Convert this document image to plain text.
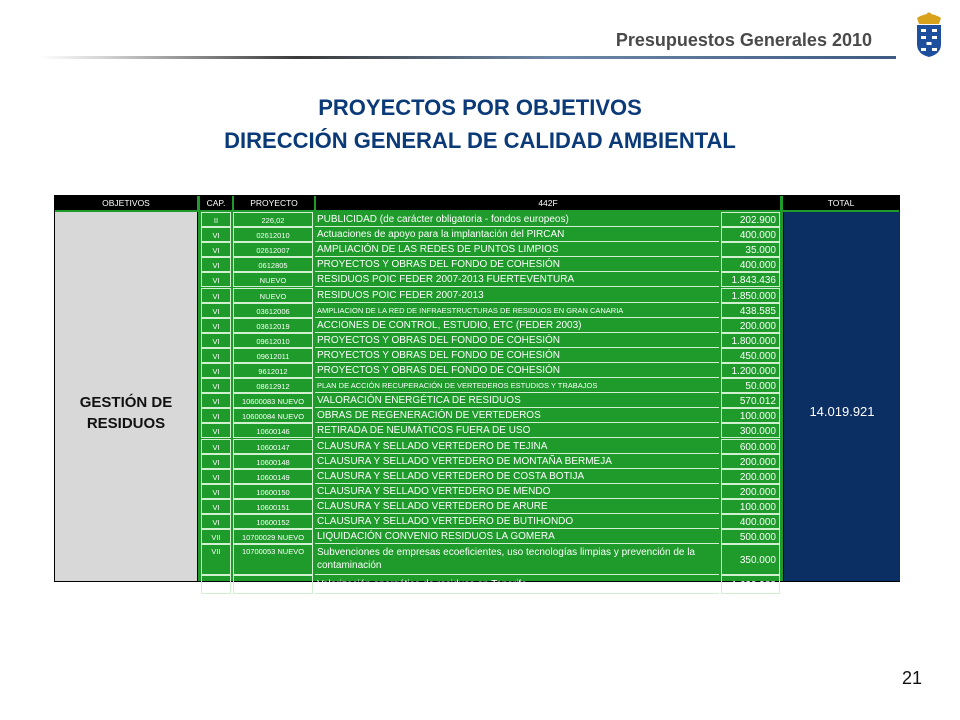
Presupuestos Generales 2010
PROYECTOS POR OBJETIVOS
DIRECCIÓN GENERAL DE CALIDAD AMBIENTAL
OBJETIVOS	CAP.	PROYECTO	442F	TOTAL
GESTIÓN DE
RESIDUOS
14.019.921
II	226,02	PUBLICIDAD (de carácter obligatoria - fondos europeos)	202.900
VI	02612010	Actuaciones de apoyo para la implantación del PIRCAN	400.000
VI	02612007	AMPLIACIÓN DE LAS REDES DE PUNTOS LIMPIOS	35.000
VI	0612805	PROYECTOS Y OBRAS DEL FONDO DE COHESIÓN	400.000
VI	NUEVO	RESIDUOS POIC FEDER 2007-2013 FUERTEVENTURA	1.843.436
VI	NUEVO	RESIDUOS POIC FEDER 2007-2013	1.850.000
VI	03612006	AMPLIACION DE LA RED DE INFRAESTRUCTURAS DE RESIDUOS EN GRAN CANARIA	438.585
VI	03612019	ACCIONES DE CONTROL, ESTUDIO, ETC (FEDER 2003)	200.000
VI	09612010	PROYECTOS Y OBRAS DEL FONDO DE COHESIÓN	1.800.000
VI	09612011	PROYECTOS Y OBRAS DEL FONDO DE COHESIÓN	450.000
VI	9612012	PROYECTOS Y OBRAS DEL FONDO DE COHESIÓN	1.200.000
VI	08612912	PLAN DE ACCIÓN RECUPERACIÓN DE VERTEDEROS ESTUDIOS Y TRABAJOS	50.000
VI	10600083 NUEVO	VALORACIÓN ENERGÉTICA DE RESIDUOS	570.012
VI	10600084 NUEVO	OBRAS DE REGENERACIÓN DE VERTEDEROS	100.000
VI	10600146	RETIRADA DE NEUMÁTICOS FUERA DE USO	300.000
VI	10600147	CLAUSURA Y SELLADO VERTEDERO DE TEJINA	600.000
VI	10600148	CLAUSURA Y SELLADO VERTEDERO DE MONTAÑA BERMEJA	200.000
VI	10600149	CLAUSURA Y SELLADO VERTEDERO DE COSTA BOTIJA	200.000
VI	10600150	CLAUSURA Y SELLADO VERTEDERO DE MENDO	200.000
VI	10600151	CLAUSURA Y SELLADO VERTEDERO DE ARURE	100.000
VI	10600152	CLAUSURA Y SELLADO VERTEDERO DE BUTIHONDO	400.000
VII	10700029 NUEVO	LIQUIDACIÓN CONVENIO RESIDUOS LA GOMERA	500.000
VII	10700053 NUEVO	Subvenciones de empresas ecoeficientes, uso tecnologías limpias y prevención de la contaminación	350.000
VII	03712115	Valorización energética de residuos en Tenerife	1.629.988
21
